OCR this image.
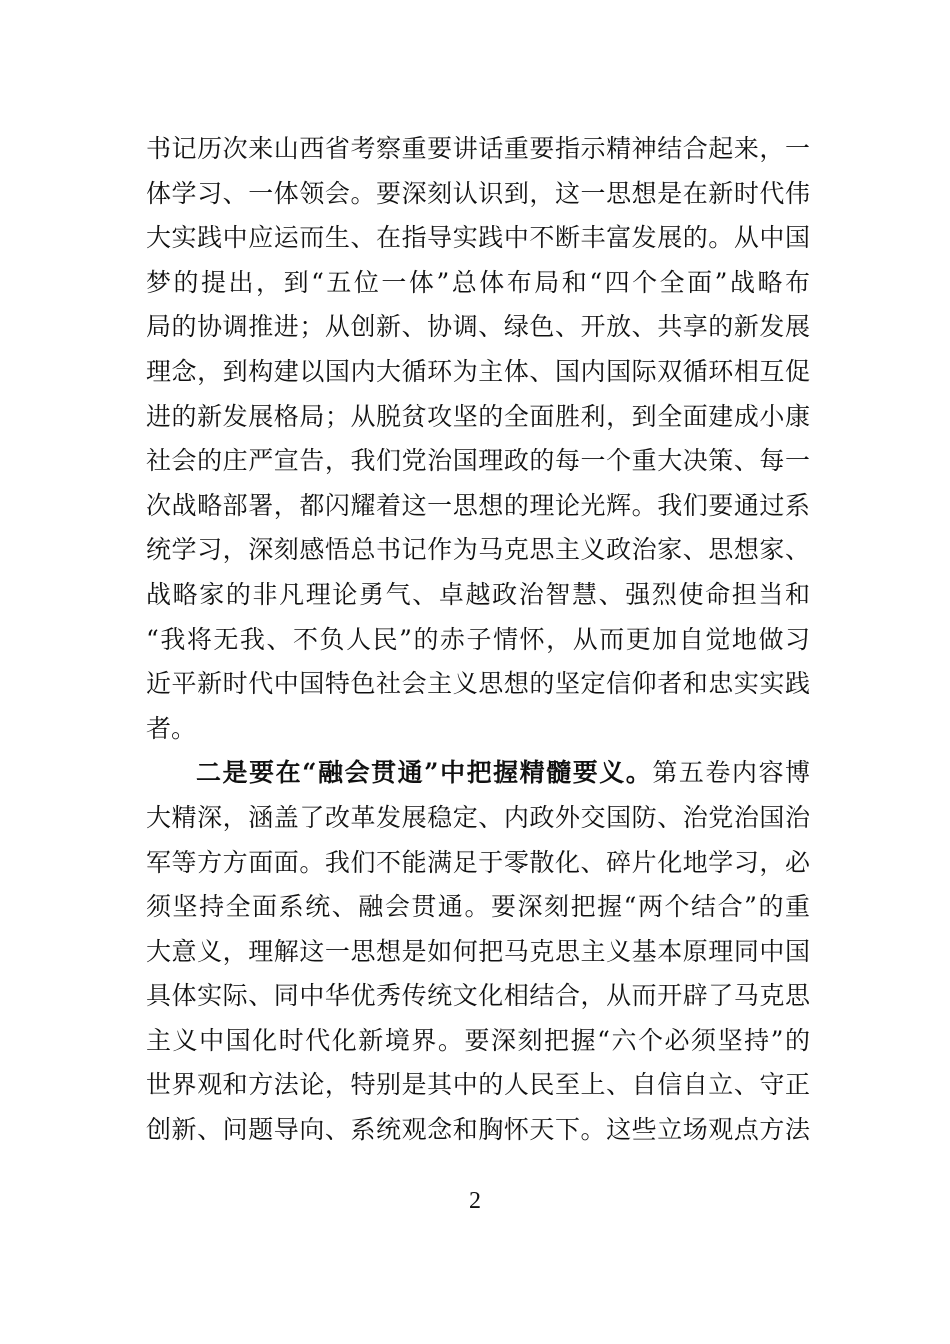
书记历次来山西省考察重要讲话重要指示精神结合起来，一
体学习、一体领会。要深刻认识到，这一思想是在新时代伟
大实践中应运而生、在指导实践中不断丰富发展的。从中国
梦的提出，到“五位一体”总体布局和“四个全面”战略布
局的协调推进；从创新、协调、绿色、开放、共享的新发展
理念，到构建以国内大循环为主体、国内国际双循环相互促
进的新发展格局；从脱贫攻坚的全面胜利，到全面建成小康
社会的庄严宣告，我们党治国理政的每一个重大决策、每一
次战略部署，都闪耀着这一思想的理论光辉。我们要通过系
统学习，深刻感悟总书记作为马克思主义政治家、思想家、
战略家的非凡理论勇气、卓越政治智慧、强烈使命担当和
“我将无我、不负人民”的赤子情怀，从而更加自觉地做习
近平新时代中国特色社会主义思想的坚定信仰者和忠实实践
者。
二是要在“融会贯通”中把握精髓要义。第五卷内容博
大精深，涵盖了改革发展稳定、内政外交国防、治党治国治
军等方方面面。我们不能满足于零散化、碎片化地学习，必
须坚持全面系统、融会贯通。要深刻把握“两个结合”的重
大意义，理解这一思想是如何把马克思主义基本原理同中国
具体实际、同中华优秀传统文化相结合，从而开辟了马克思
主义中国化时代化新境界。要深刻把握“六个必须坚持”的
世界观和方法论，特别是其中的人民至上、自信自立、守正
创新、问题导向、系统观念和胸怀天下。这些立场观点方法
2
